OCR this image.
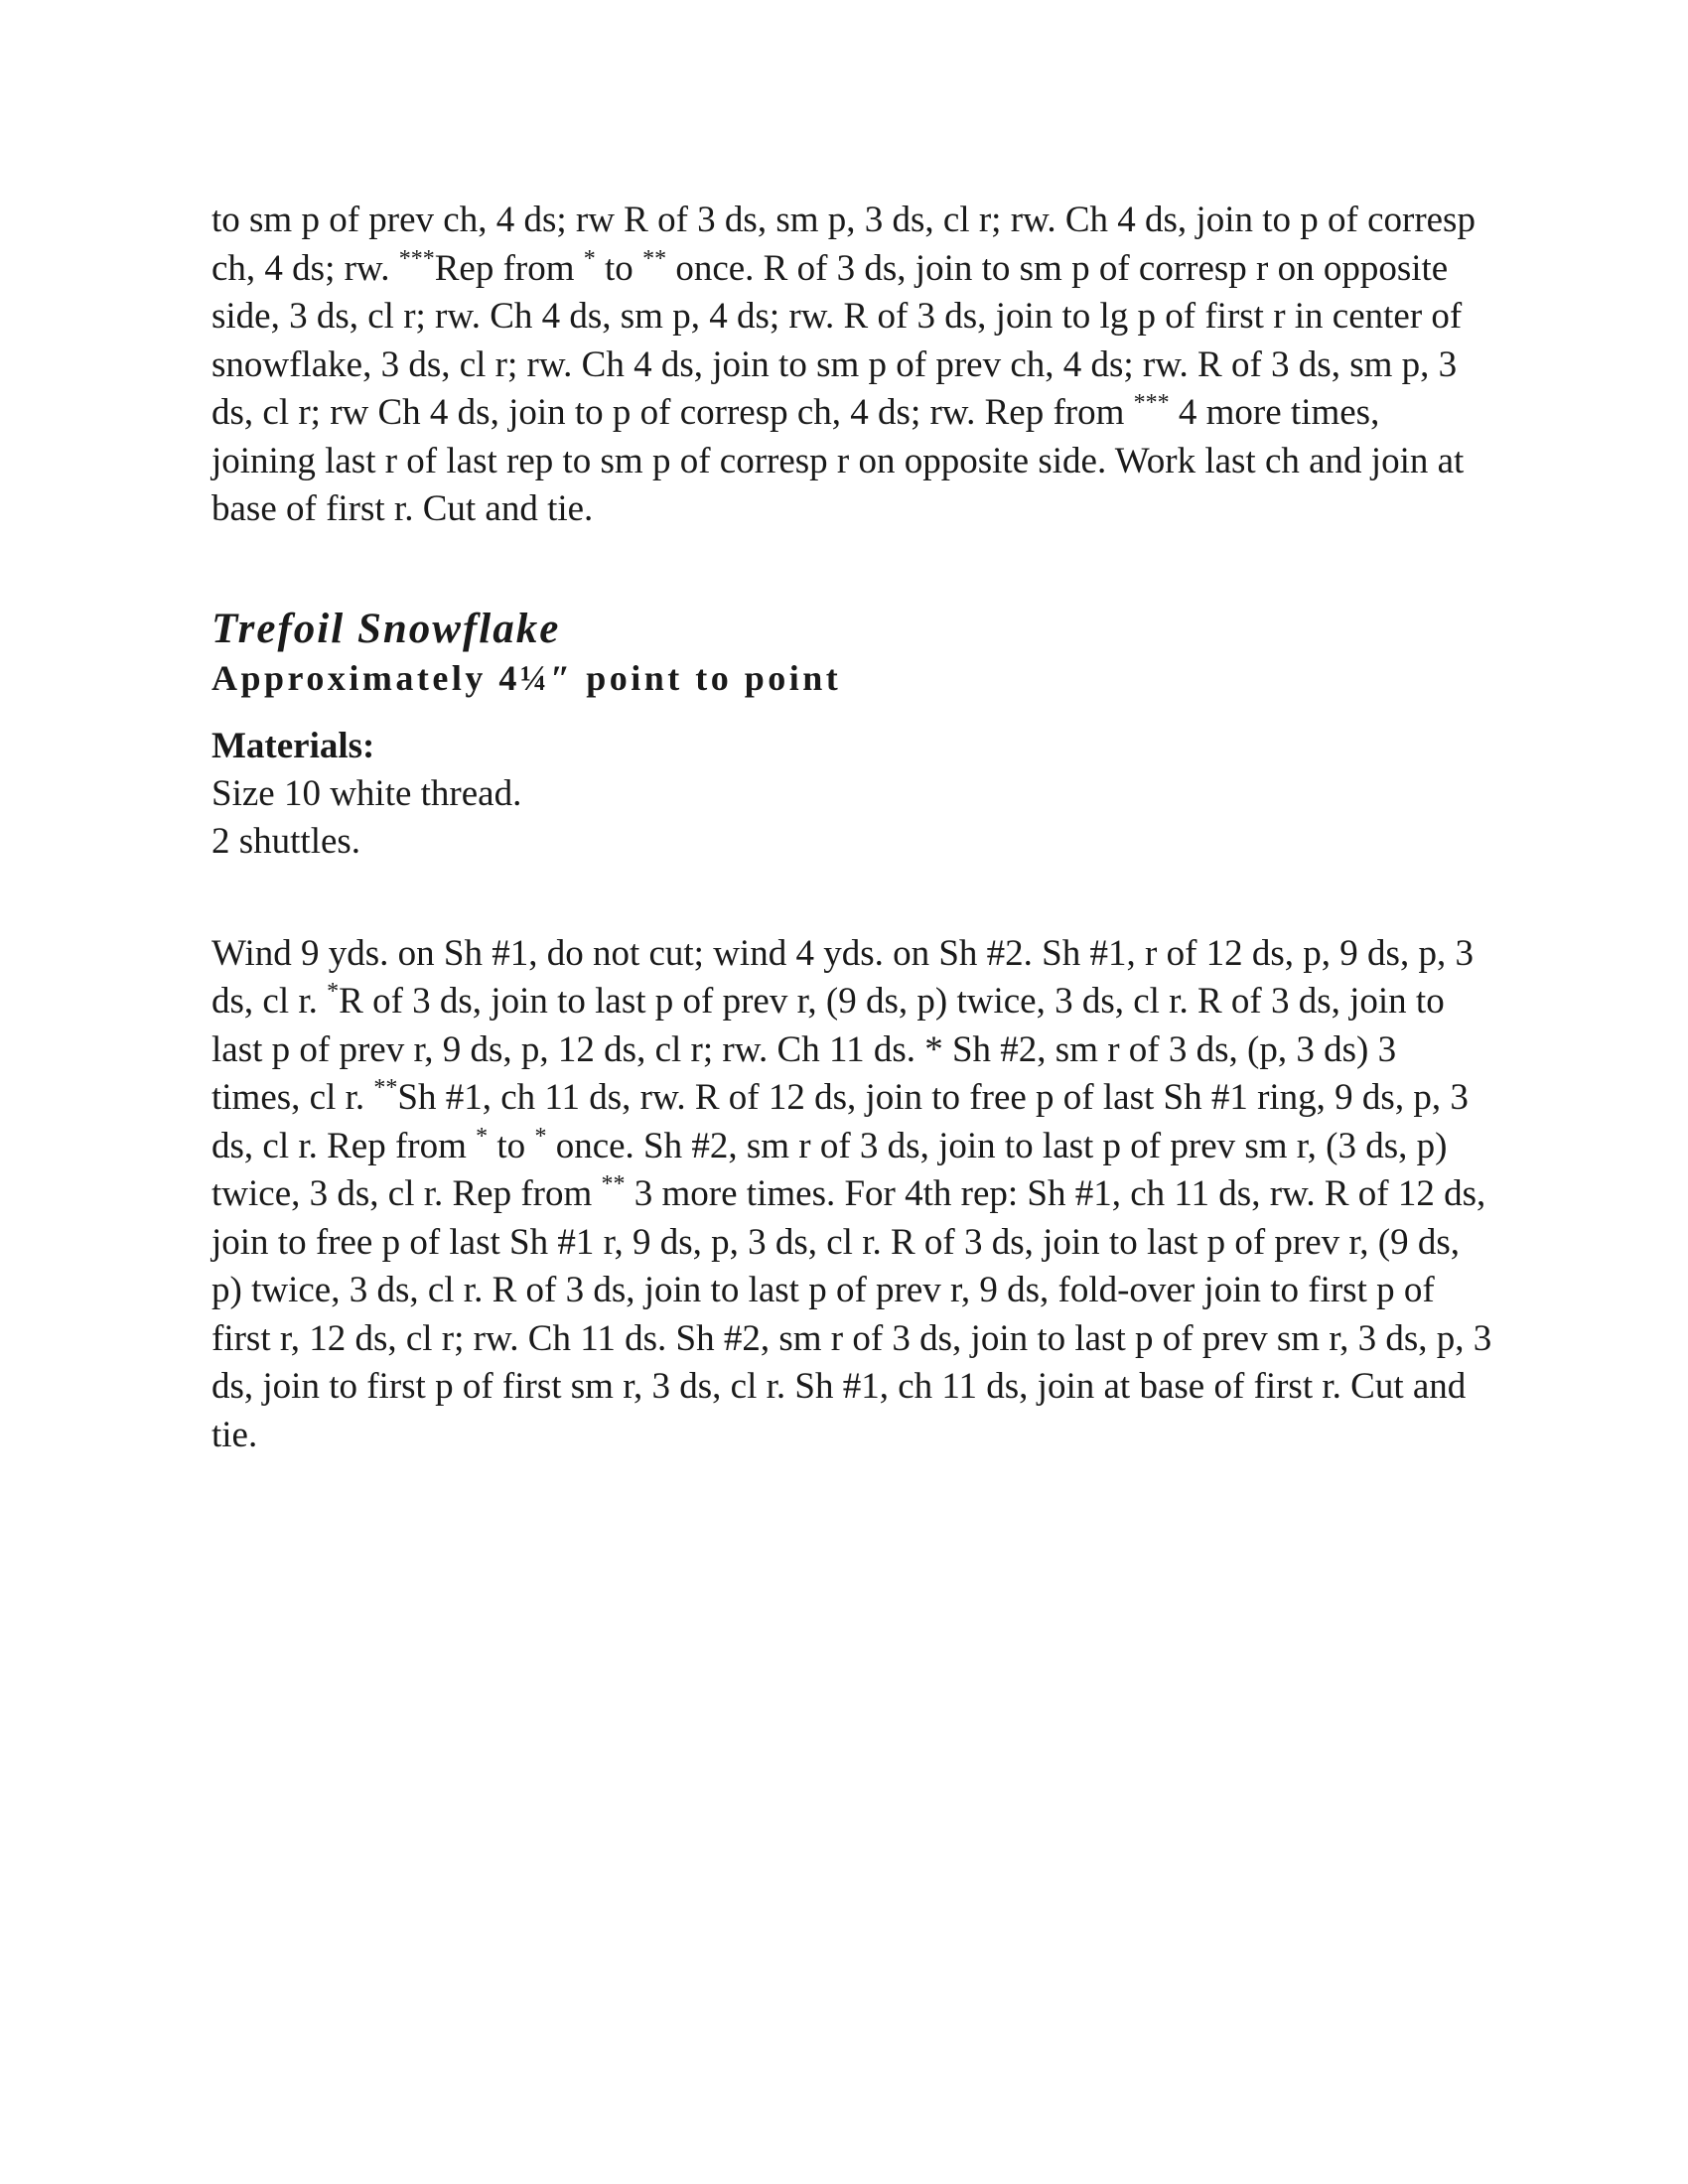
to sm p of prev ch, 4 ds; rw R of 3 ds, sm p, 3 ds, cl r; rw. Ch 4 ds, join to p of corresp ch, 4 ds; rw. ***Rep from * to ** once. R of 3 ds, join to sm p of corresp r on opposite side, 3 ds, cl r; rw. Ch 4 ds, sm p, 4 ds; rw. R of 3 ds, join to lg p of first r in center of snowflake, 3 ds, cl r; rw. Ch 4 ds, join to sm p of prev ch, 4 ds; rw. R of 3 ds, sm p, 3 ds, cl r; rw Ch 4 ds, join to p of corresp ch, 4 ds; rw. Rep from *** 4 more times, joining last r of last rep to sm p of corresp r on opposite side. Work last ch and join at base of first r. Cut and tie.

Trefoil Snowflake
Approximately 4¼″ point to point
Materials:
Size 10 white thread.
2 shuttles.

Wind 9 yds. on Sh #1, do not cut; wind 4 yds. on Sh #2. Sh #1, r of 12 ds, p, 9 ds, p, 3 ds, cl r. *R of 3 ds, join to last p of prev r, (9 ds, p) twice, 3 ds, cl r. R of 3 ds, join to last p of prev r, 9 ds, p, 12 ds, cl r; rw. Ch 11 ds. * Sh #2, sm r of 3 ds, (p, 3 ds) 3 times, cl r. **Sh #1, ch 11 ds, rw. R of 12 ds, join to free p of last Sh #1 ring, 9 ds, p, 3 ds, cl r. Rep from * to * once. Sh #2, sm r of 3 ds, join to last p of prev sm r, (3 ds, p) twice, 3 ds, cl r. Rep from ** 3 more times. For 4th rep: Sh #1, ch 11 ds, rw. R of 12 ds, join to free p of last Sh #1 r, 9 ds, p, 3 ds, cl r. R of 3 ds, join to last p of prev r, (9 ds, p) twice, 3 ds, cl r. R of 3 ds, join to last p of prev r, 9 ds, fold-over join to first p of first r, 12 ds, cl r; rw. Ch 11 ds. Sh #2, sm r of 3 ds, join to last p of prev sm r, 3 ds, p, 3 ds, join to first p of first sm r, 3 ds, cl r. Sh #1, ch 11 ds, join at base of first r. Cut and tie.
